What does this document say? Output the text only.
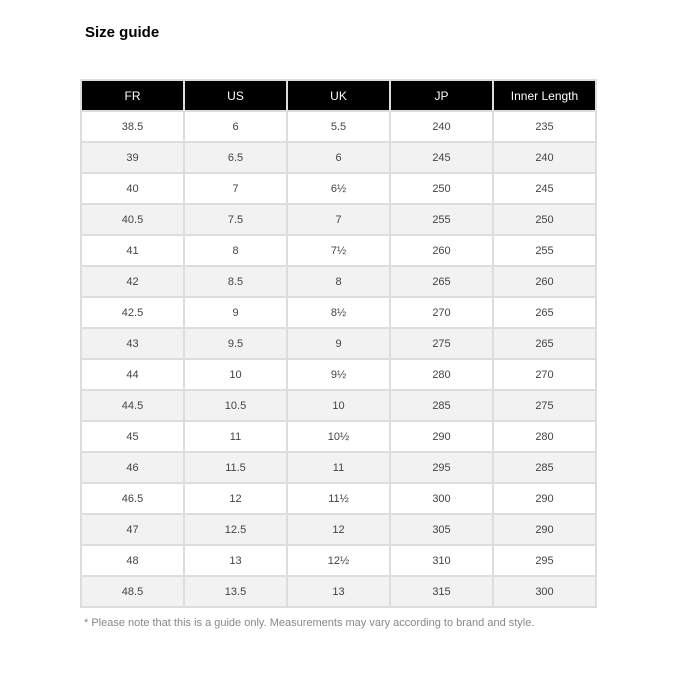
Size guide
FR	US	UK	JP	Inner Length
38.5	6	5.5	240	235
39	6.5	6	245	240
40	7	6½	250	245
40.5	7.5	7	255	250
41	8	7½	260	255
42	8.5	8	265	260
42.5	9	8½	270	265
43	9.5	9	275	265
44	10	9½	280	270
44.5	10.5	10	285	275
45	11	10½	290	280
46	11.5	11	295	285
46.5	12	11½	300	290
47	12.5	12	305	290
48	13	12½	310	295
48.5	13.5	13	315	300
* Please note that this is a guide only. Measurements may vary according to brand and style.
